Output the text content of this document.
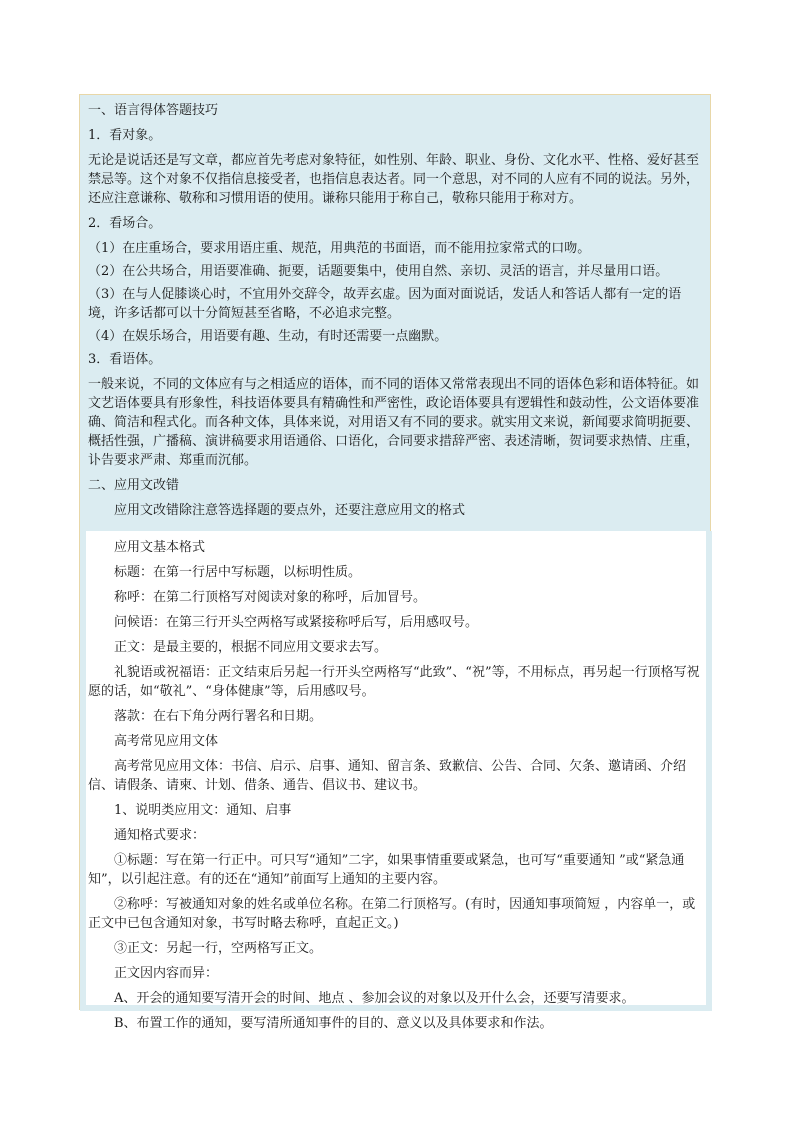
一、语言得体答题技巧
1．看对象。
无论是说话还是写文章，都应首先考虑对象特征，如性别、年龄、职业、身份、文化水平、性格、爱好甚至禁忌等。这个对象不仅指信息接受者，也指信息表达者。同一个意思，对不同的人应有不同的说法。另外，还应注意谦称、敬称和习惯用语的使用。谦称只能用于称自己，敬称只能用于称对方。
2．看场合。
（1）在庄重场合，要求用语庄重、规范，用典范的书面语，而不能用拉家常式的口吻。
（2）在公共场合，用语要准确、扼要，话题要集中，使用自然、亲切、灵活的语言，并尽量用口语。
（3）在与人促膝谈心时，不宜用外交辞令，故弄玄虚。因为面对面说话，发话人和答话人都有一定的语境，许多话都可以十分简短甚至省略，不必追求完整。
（4）在娱乐场合，用语要有趣、生动，有时还需要一点幽默。
3．看语体。
一般来说，不同的文体应有与之相适应的语体，而不同的语体又常常表现出不同的语体色彩和语体特征。如文艺语体要具有形象性，科技语体要具有精确性和严密性，政论语体要具有逻辑性和鼓动性，公文语体要准确、简洁和程式化。而各种文体，具体来说，对用语又有不同的要求。就实用文来说，新闻要求简明扼要、概括性强，广播稿、演讲稿要求用语通俗、口语化，合同要求措辞严密、表述清晰，贺词要求热情、庄重，讣告要求严肃、郑重而沉郁。
二、应用文改错
应用文改错除注意答选择题的要点外，还要注意应用文的格式
应用文基本格式
标题：在第一行居中写标题，以标明性质。
称呼：在第二行顶格写对阅读对象的称呼，后加冒号。
问候语：在第三行开头空两格写或紧接称呼后写，后用感叹号。
正文：是最主要的，根据不同应用文要求去写。
礼貌语或祝福语：正文结束后另起一行开头空两格写“此致”、“祝”等，不用标点，再另起一行顶格写祝愿的话，如“敬礼”、“身体健康”等，后用感叹号。
落款：在右下角分两行署名和日期。
高考常见应用文体
高考常见应用文体：书信、启示、启事、通知、留言条、致歉信、公告、合同、欠条、邀请函、介绍信、请假条、请柬、计划、借条、通告、倡议书、建议书。
1、说明类应用文：通知、启事
通知格式要求：
①标题：写在第一行正中。可只写“通知”二字，如果事情重要或紧急，也可写“重要通知 ”或“紧急通知”，以引起注意。有的还在“通知”前面写上通知的主要内容。
②称呼：写被通知对象的姓名或单位名称。在第二行顶格写。(有时，因通知事项简短 ，内容单一，或正文中已包含通知对象，书写时略去称呼，直起正文。)
③正文：另起一行，空两格写正文。
正文因内容而异：
A、开会的通知要写清开会的时间、地点 、参加会议的对象以及开什么会，还要写清要求。
B、布置工作的通知，要写清所通知事件的目的、意义以及具体要求和作法。
